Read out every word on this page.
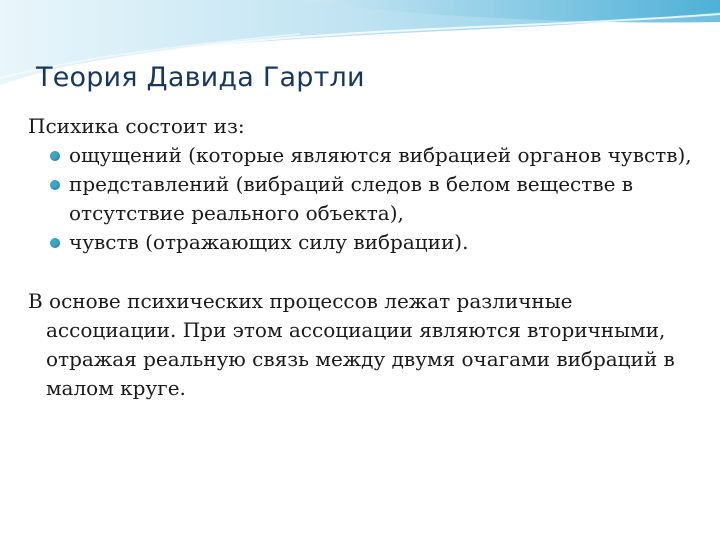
Теория Давида Гартли

Психика состоит из:

ощущений (которые являются вибрацией органов чувств),
представлений (вибраций следов в белом веществе в отсутствие реального объекта),
чувств (отражающих силу вибрации).

В основе психических процессов лежат различные ассоциации. При этом ассоциации являются вторичными, отражая реальную связь между двумя очагами вибраций в малом круге.
